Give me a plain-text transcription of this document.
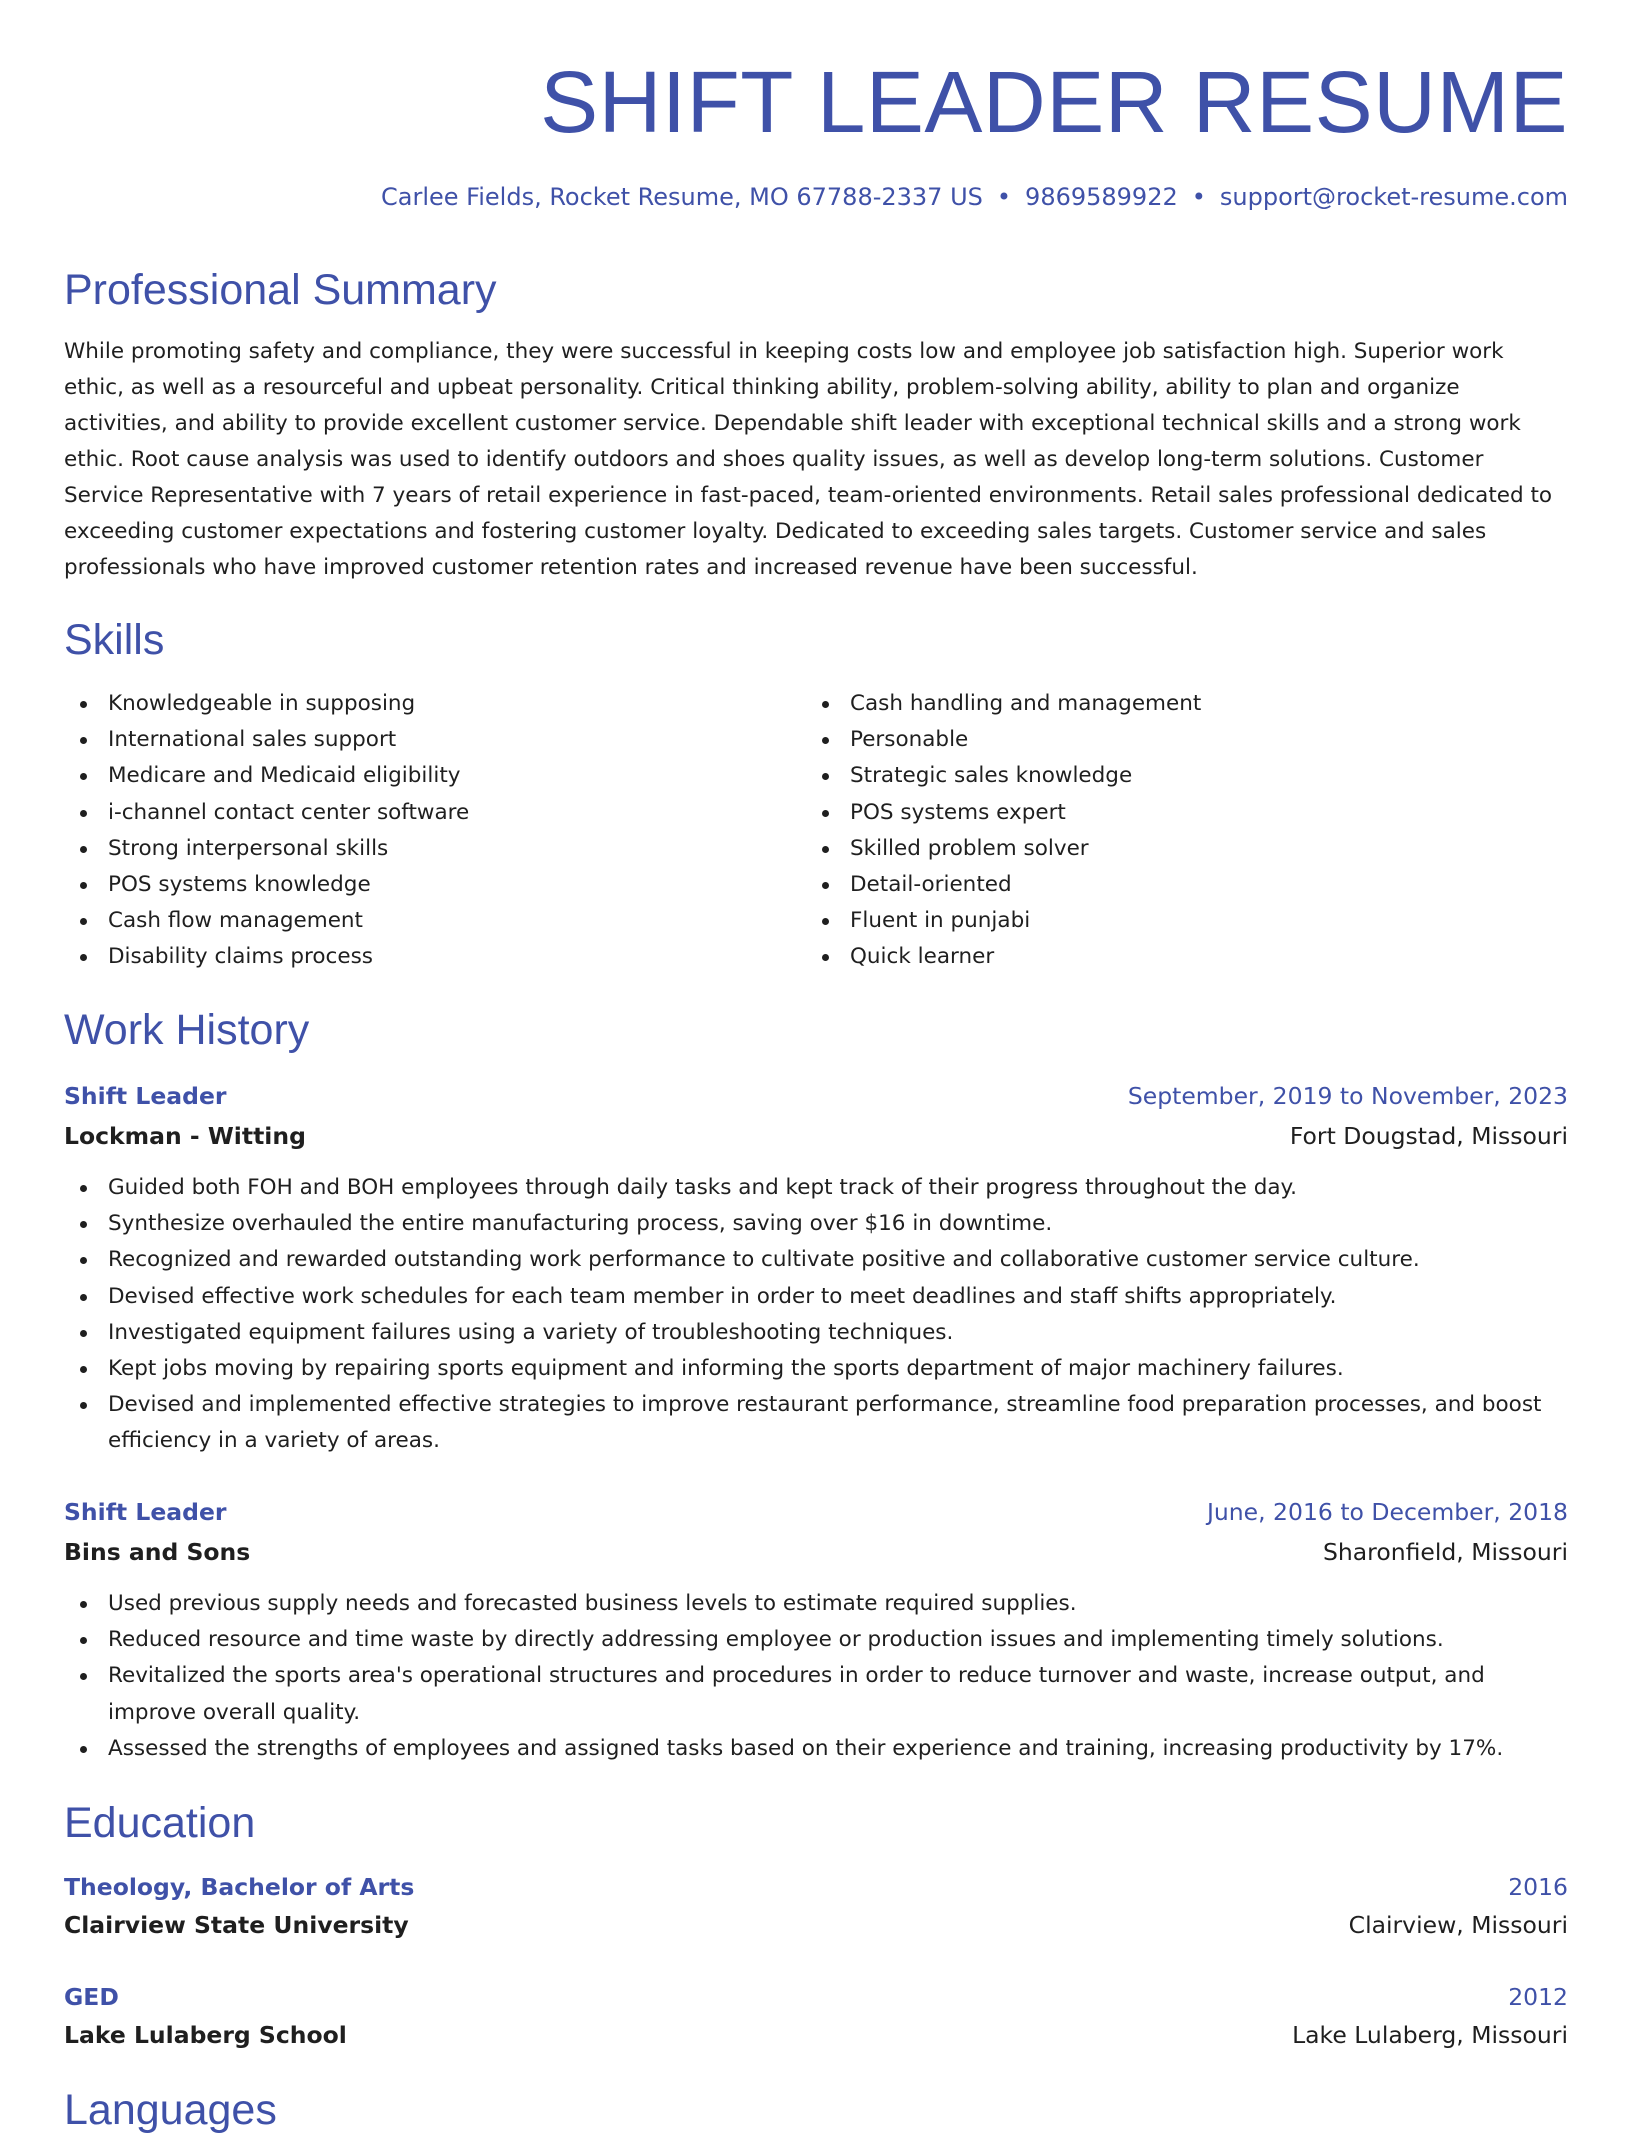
SHIFT LEADER RESUME
Carlee Fields, Rocket Resume, MO 67788-2337 US • 9869589922 • support@rocket-resume.com
Professional Summary

While promoting safety and compliance, they were successful in keeping costs low and employee job satisfaction high. Superior work ethic, as well as a resourceful and upbeat personality. Critical thinking ability, problem-solving ability, ability to plan and organize activities, and ability to provide excellent customer service. Dependable shift leader with exceptional technical skills and a strong work ethic. Root cause analysis was used to identify outdoors and shoes quality issues, as well as develop long-term solutions. Customer Service Representative with 7 years of retail experience in fast-paced, team-oriented environments. Retail sales professional dedicated to exceeding customer expectations and fostering customer loyalty. Dedicated to exceeding sales targets. Customer service and sales professionals who have improved customer retention rates and increased revenue have been successful.

Skills
Knowledgeable in supposing
International sales support
Medicare and Medicaid eligibility
i-channel contact center software
Strong interpersonal skills
POS systems knowledge
Cash flow management
Disability claims process
Cash handling and management
Personable
Strategic sales knowledge
POS systems expert
Skilled problem solver
Detail-oriented
Fluent in punjabi
Quick learner
Work History
Shift Leader	September, 2019 to November, 2023
Lockman - Witting	Fort Dougstad, Missouri
Guided both FOH and BOH employees through daily tasks and kept track of their progress throughout the day.
Synthesize overhauled the entire manufacturing process, saving over $16 in downtime.
Recognized and rewarded outstanding work performance to cultivate positive and collaborative customer service culture.
Devised effective work schedules for each team member in order to meet deadlines and staff shifts appropriately.
Investigated equipment failures using a variety of troubleshooting techniques.
Kept jobs moving by repairing sports equipment and informing the sports department of major machinery failures.
Devised and implemented effective strategies to improve restaurant performance, streamline food preparation processes, and boost efficiency in a variety of areas.
Shift Leader	June, 2016 to December, 2018
Bins and Sons	Sharonfield, Missouri
Used previous supply needs and forecasted business levels to estimate required supplies.
Reduced resource and time waste by directly addressing employee or production issues and implementing timely solutions.
Revitalized the sports area's operational structures and procedures in order to reduce turnover and waste, increase output, and improve overall quality.
Assessed the strengths of employees and assigned tasks based on their experience and training, increasing productivity by 17%.
Education
Theology, Bachelor of Arts	2016
Clairview State University	Clairview, Missouri
GED	2012
Lake Lulaberg School	Lake Lulaberg, Missouri
Languages
